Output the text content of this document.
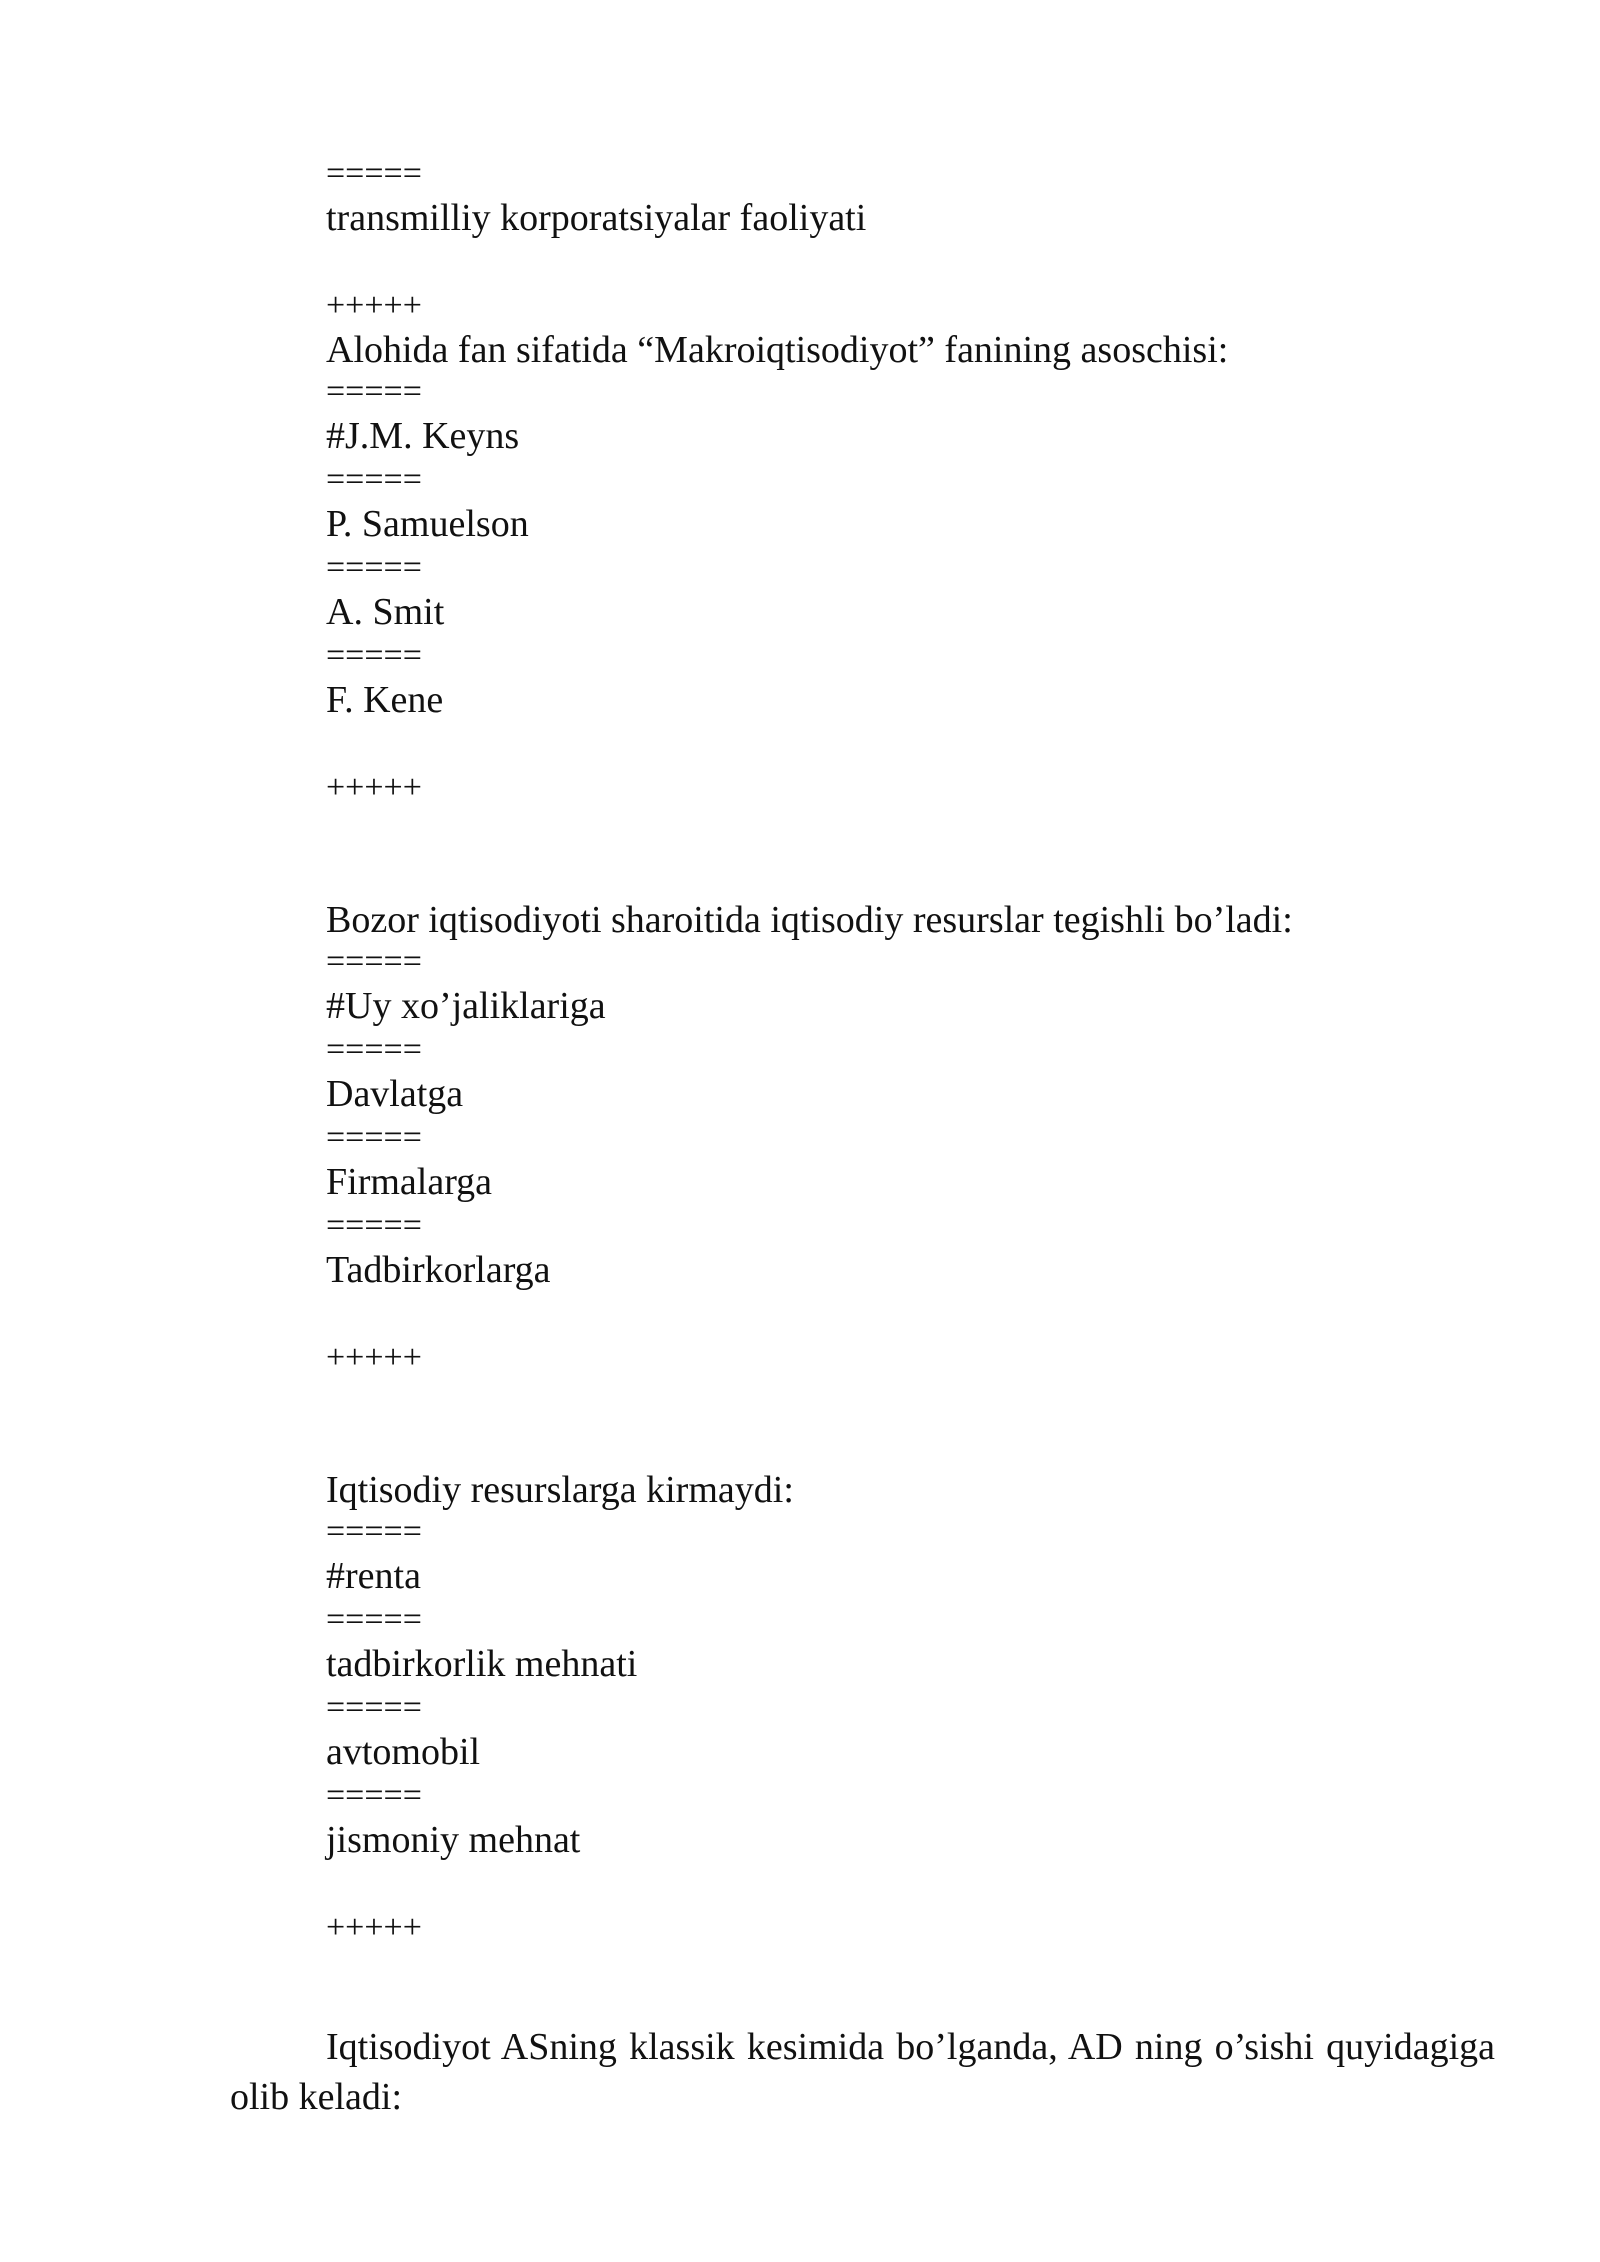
=====
transmilliy korporatsiyalar faoliyati
+++++
Alohida fan sifatida “Makroiqtisodiyot” fanining asoschisi:
=====
#J.M. Keyns
=====
P. Samuelson
=====
A. Smit
=====
F. Kene
+++++
Bozor iqtisodiyoti sharoitida iqtisodiy resurslar tegishli bo’ladi:
=====
#Uy xo’jaliklariga
=====
Davlatga
=====
Firmalarga
=====
Tadbirkorlarga
+++++
Iqtisodiy resurslarga kirmaydi:
=====
#renta
=====
tadbirkorlik mehnati
=====
avtomobil
=====
jismoniy mehnat
+++++
Iqtisodiyot ASning klassik kesimida bo’lganda, AD ning o’sishi quyidagiga olib keladi:
